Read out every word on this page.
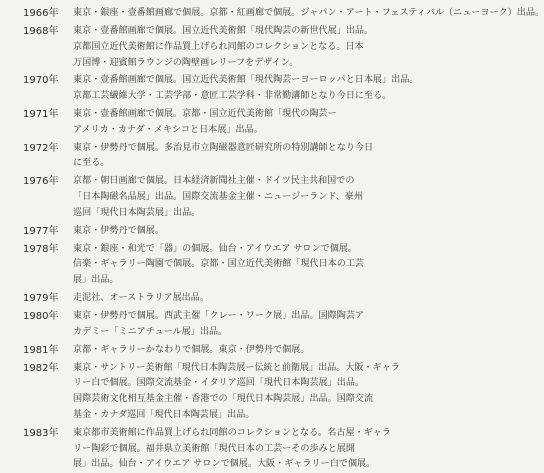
1966年	東京・銀座・壹番館画廊で個展。京都・紅画廊で個展。ジャパン・アート・フェスティバル（ニューヨーク）出品。
1968年	東京・壹番館画廊で個展。国立近代美術館「現代陶芸の新世代展」出品。
京都国立近代美術館に作品買上げられ同館のコレクションとなる。日本
万国博・迎賓館ラウンジの陶壁画レリーフをデザイン。
1970年	東京・壹番館画廊で個展。国立近代美術館「現代陶芸ーヨーロッパと日本展」出品。
京都工芸繊維大学・工芸学部・意匠工芸学科・非常勤講師となり今日に至る。
1971年	東京・壹番館画廊で個展。京都・国立近代美術館「現代の陶芸ー
アメリカ・カナダ・メキシコと日本展」出品。
1972年	東京・伊勢丹で個展。多治見市立陶磁器意匠研究所の特別講師となり今日
に至る。
1976年	京都・朝日画廊で個展。日本経済新聞社主催・ドイツ民主共和国での
「日本陶磁名品展」出品。国際交流基金主催・ニュージーランド、豪州
巡回「現代日本陶芸展」出品。
1977年	東京・伊勢丹で個展。
1978年	東京・銀座・和光で「器」の個展。仙台・アイウエア サロンで個展。
信楽・ギャラリー陶園で個展。京都・国立近代美術館「現代日本の工芸
展」出品。
1979年	走泥社、オーストラリア展出品。
1980年	東京・伊勢丹で個展。西武主催「クレー・ワーク展」出品。国際陶芸ア
カデミー「ミニアチュール展」出品。
1981年	京都・ギャラリーかなわりで個展。東京・伊勢丹で個展。
1982年	東京・サントリー美術館「現代日本陶芸展ー伝統と前衛展」出品。大阪・ギャラ
リー白で個展。国際交流基金・イタリア巡回「現代日本陶芸展」出品。
国際芸術文化相互基金主催・香港での「現代日本陶芸展」出品。国際交流
基金・カナダ巡回「現代日本陶芸展」出品。
1983年	東京都市美術館に作品買上げられ同館のコレクションとなる。名古屋・ギャラ
リー陶彩で個展。福井県立美術館「現代日本の工芸ーその歩みと展開
展」出品。仙台・アイウエア サロンで個展。大阪・ギャラリー白で個展。
